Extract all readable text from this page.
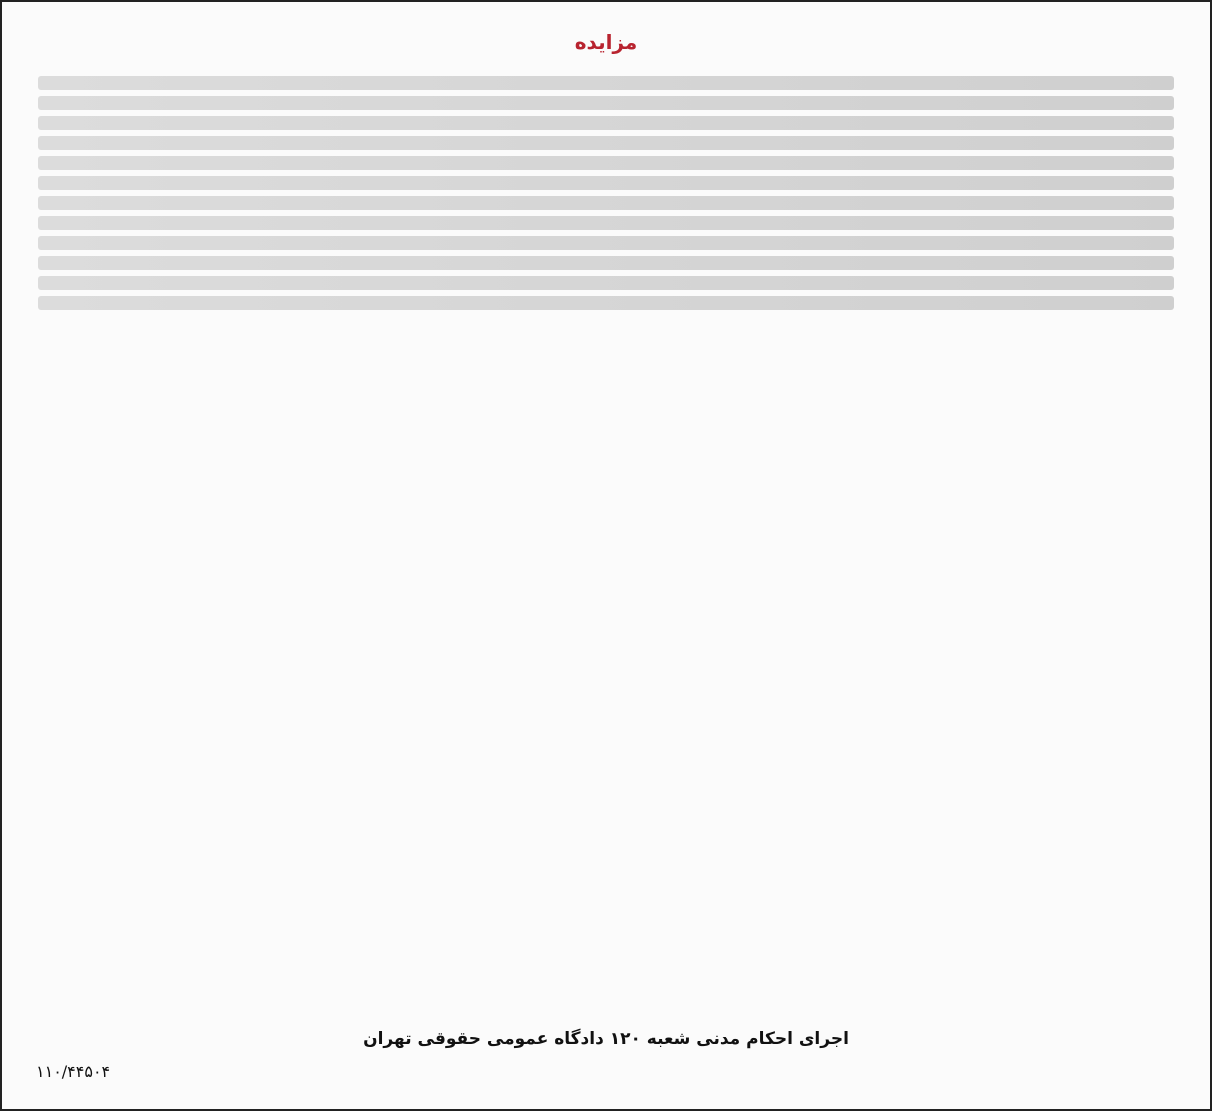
مزایده
اجرای احکام مدنی شعبه ۱۲۰ دادگاه عمومی حقوقی تهران
۱۱۰/۴۴۵۰۴
